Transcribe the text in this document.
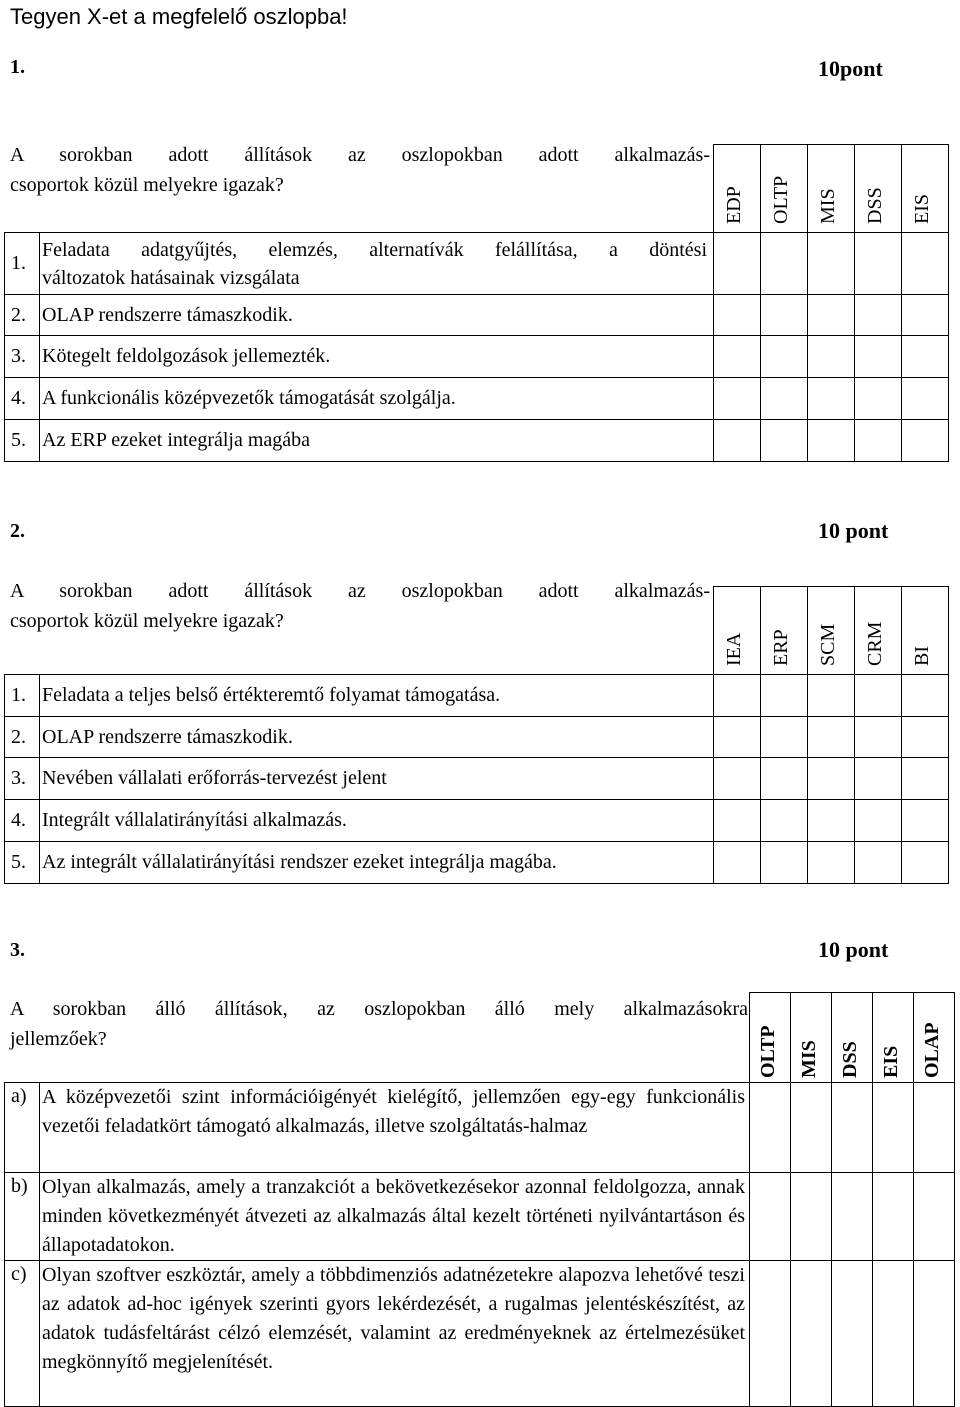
Tegyen X-et a megfelelő oszlopba!
1.	10pont
A sorokban adott állítások az oszlopokban adott alkalmazás-
csoportok közül melyekre igazak?

		EDP	OLTP	MIS	DSS	EIS

1.	Feladata adatgyűjtés, elemzés, alternatívák felállítása, a döntési
változatok hatásainak vizsgálata					
2.	OLAP rendszerre támaszkodik.					
3.	Kötegelt feldolgozások jellemezték.					
4.	A funkcionális középvezetők támogatását szolgálja.					
5.	Az ERP ezeket integrálja magába					
2.	10 pont
A sorokban adott állítások az oszlopokban adott alkalmazás-
csoportok közül melyekre igazak?

		IEA	ERP	SCM	CRM	BI

1.	Feladata a teljes belső értékteremtő folyamat támogatása.					
2.	OLAP rendszerre támaszkodik.					
3.	Nevében vállalati erőforrás-tervezést jelent					
4.	Integrált vállalatirányítási alkalmazás.					
5.	Az integrált vállalatirányítási rendszer ezeket integrálja magába.					
3.	10 pont
A sorokban álló állítások, az oszlopokban álló mely alkalmazásokra
jellemzőek?

		OLTP	MIS	DSS	EIS	OLAP

a)	A középvezetői szint információigényét kielégítő, jellemzően egy-egy funkcionális vezetői feladatkört támogató alkalmazás, illetve szolgáltatás-halmaz					
b)	Olyan alkalmazás, amely a tranzakciót a bekövetkezésekor azonnal feldolgozza, annak minden következményét átvezeti az alkalmazás által kezelt történeti nyilvántartáson és állapotadatokon.					
c)	Olyan szoftver eszköztár, amely a többdimenziós adatnézetekre alapozva lehetővé teszi az adatok ad-hoc igények szerinti gyors lekérdezését, a rugalmas jelentéskészítést, az adatok tudásfeltárást célzó elemzését, valamint az eredményeknek az értelmezésüket megkönnyítő megjelenítését.					
